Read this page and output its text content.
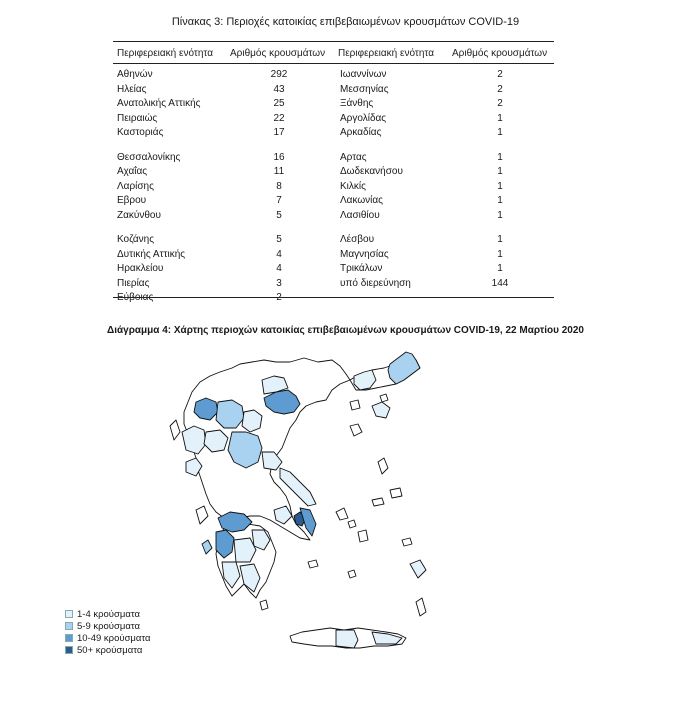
Πίνακας 3: Περιοχές κατοικίας επιβεβαιωμένων κρουσμάτων COVID-19
Περιφερειακή ενότητα Αριθμός κρουσμάτων Περιφερειακή ενότητα Αριθμός κρουσμάτων
Αθηνών
Ηλείας
Ανατολικής Αττικής
Πειραιώς
Καστοριάς
Θεσσαλονίκης
Αχαΐας
Λαρίσης
Εβρου
Ζακύνθου
Κοζάνης
Δυτικής Αττικής
Ηρακλείου
Πιερίας
Εύβοιας
292
43
25
22
17
16
11
8
7
5
5
4
4
3
2
Ιωαννίνων
Μεσσηνίας
Ξάνθης
Αργολίδας
Αρκαδίας
Αρτας
Δωδεκανήσου
Κιλκίς
Λακωνίας
Λασιθίου
Λέσβου
Μαγνησίας
Τρικάλων
υπό διερεύνηση
2
2
2
1
1
1
1
1
1
1
1
1
1
144
Διάγραμμα 4: Χάρτης περιοχών κατοικίας επιβεβαιωμένων κρουσμάτων COVID-19, 22 Μαρτίου 2020
1-4 κρούσματα
5-9 κρούσματα
10-49 κρούσματα
50+ κρούσματα
